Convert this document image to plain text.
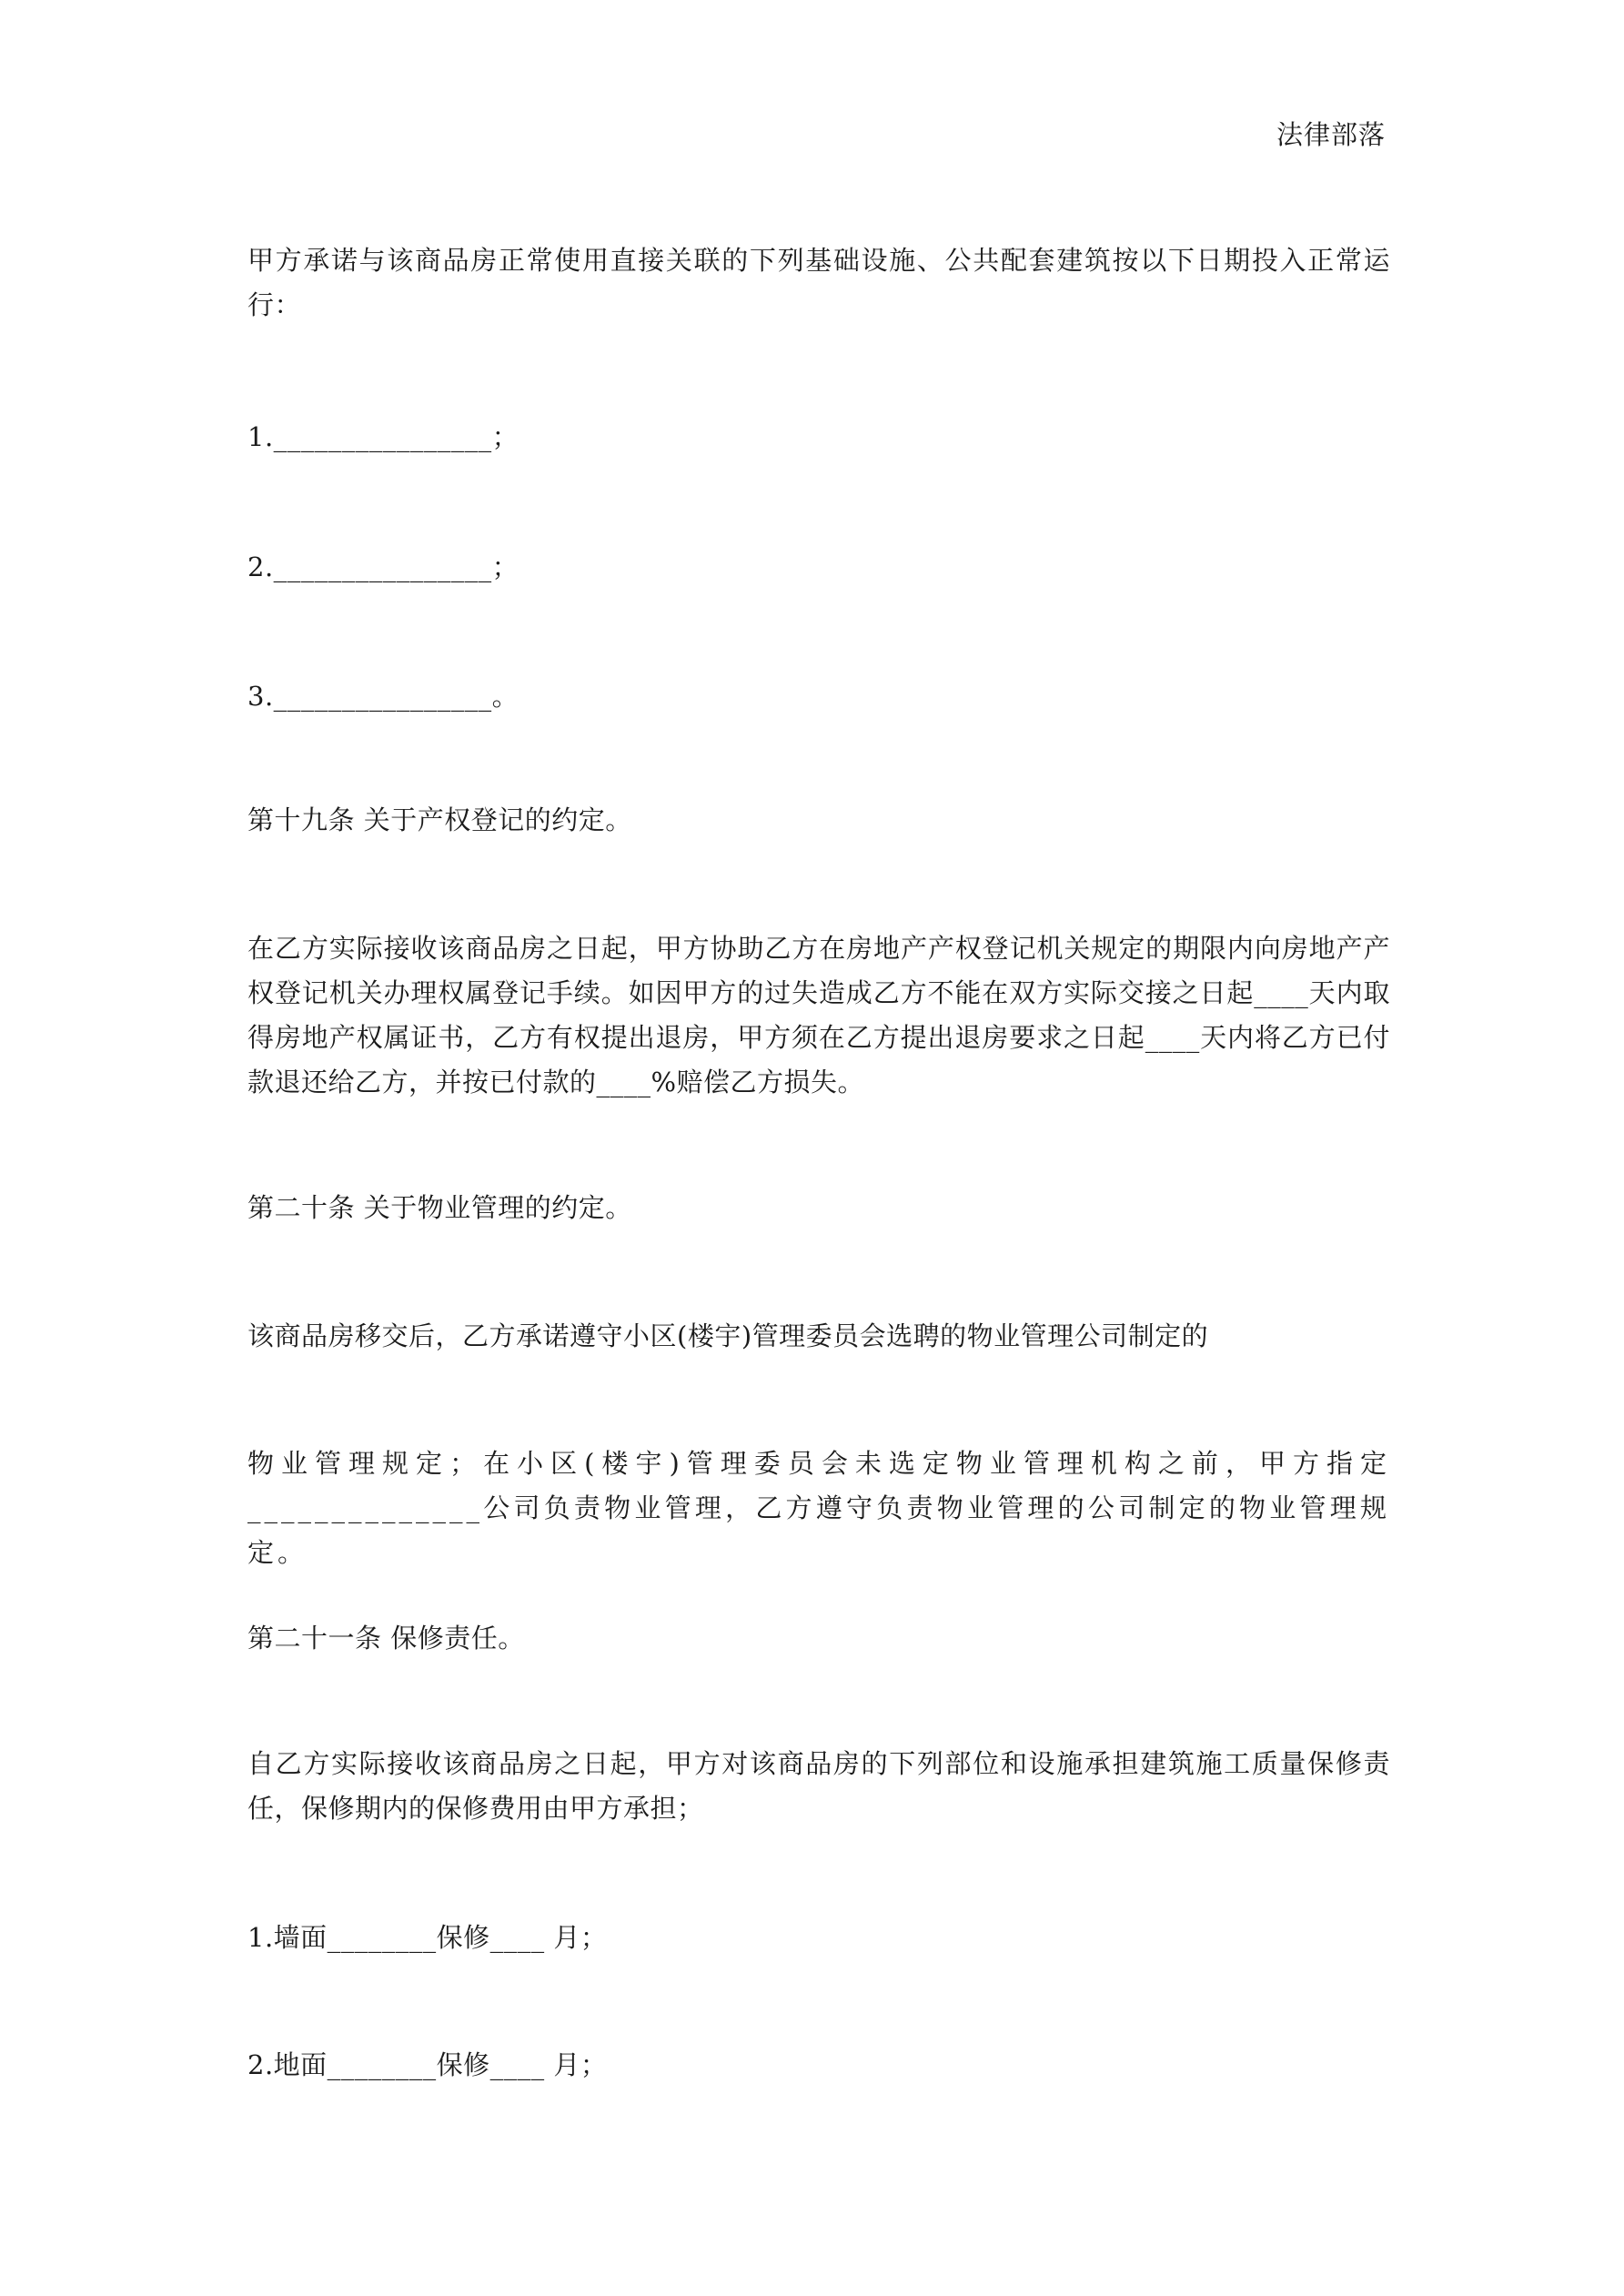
法律部落

甲方承诺与该商品房正常使用直接关联的下列基础设施、公共配套建筑按以下日期投入正常运行：

1.________________；

2.________________；

3.________________。

第十九条 关于产权登记的约定。

在乙方实际接收该商品房之日起，甲方协助乙方在房地产产权登记机关规定的期限内向房地产产权登记机关办理权属登记手续。如因甲方的过失造成乙方不能在双方实际交接之日起____天内取得房地产权属证书，乙方有权提出退房，甲方须在乙方提出退房要求之日起____天内将乙方已付款退还给乙方，并按已付款的____%赔偿乙方损失。

第二十条 关于物业管理的约定。

该商品房移交后，乙方承诺遵守小区(楼宇)管理委员会选聘的物业管理公司制定的

物业管理规定；在小区(楼宇)管理委员会未选定物业管理机构之前，甲方指定______________公司负责物业管理，乙方遵守负责物业管理的公司制定的物业管理规定。

第二十一条 保修责任。

自乙方实际接收该商品房之日起，甲方对该商品房的下列部位和设施承担建筑施工质量保修责任，保修期内的保修费用由甲方承担；

1.墙面________保修____ 月；

2.地面________保修____ 月；
